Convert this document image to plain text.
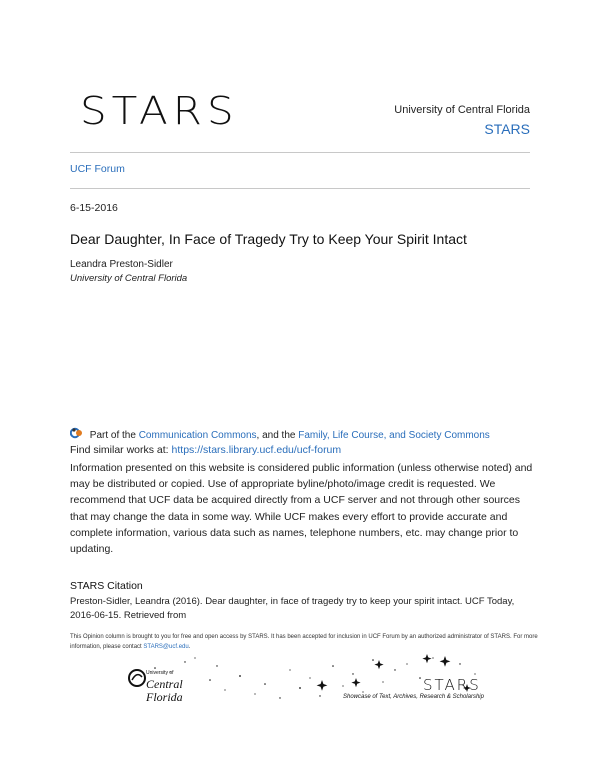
STARS	University of Central Florida
STARS
UCF Forum
6-15-2016
Dear Daughter, In Face of Tragedy Try to Keep Your Spirit Intact
Leandra Preston-Sidler
University of Central Florida
Part of the Communication Commons, and the Family, Life Course, and Society Commons
Find similar works at: https://stars.library.ucf.edu/ucf-forum
Information presented on this website is considered public information (unless otherwise noted) and may be distributed or copied. Use of appropriate byline/photo/image credit is requested. We recommend that UCF data be acquired directly from a UCF server and not through other sources that may change the data in some way. While UCF makes every effort to provide accurate and complete information, various data such as names, telephone numbers, etc. may change prior to updating.
STARS Citation
Preston-Sidler, Leandra (2016). Dear daughter, in face of tragedy try to keep your spirit intact. UCF Today, 2016-06-15. Retrieved from
This Opinion column is brought to you for free and open access by STARS. It has been accepted for inclusion in UCF Forum by an authorized administrator of STARS. For more information, please contact STARS@ucf.edu.
University of
Central
Florida
STARS
Showcase of Text, Archives, Research & Scholarship
